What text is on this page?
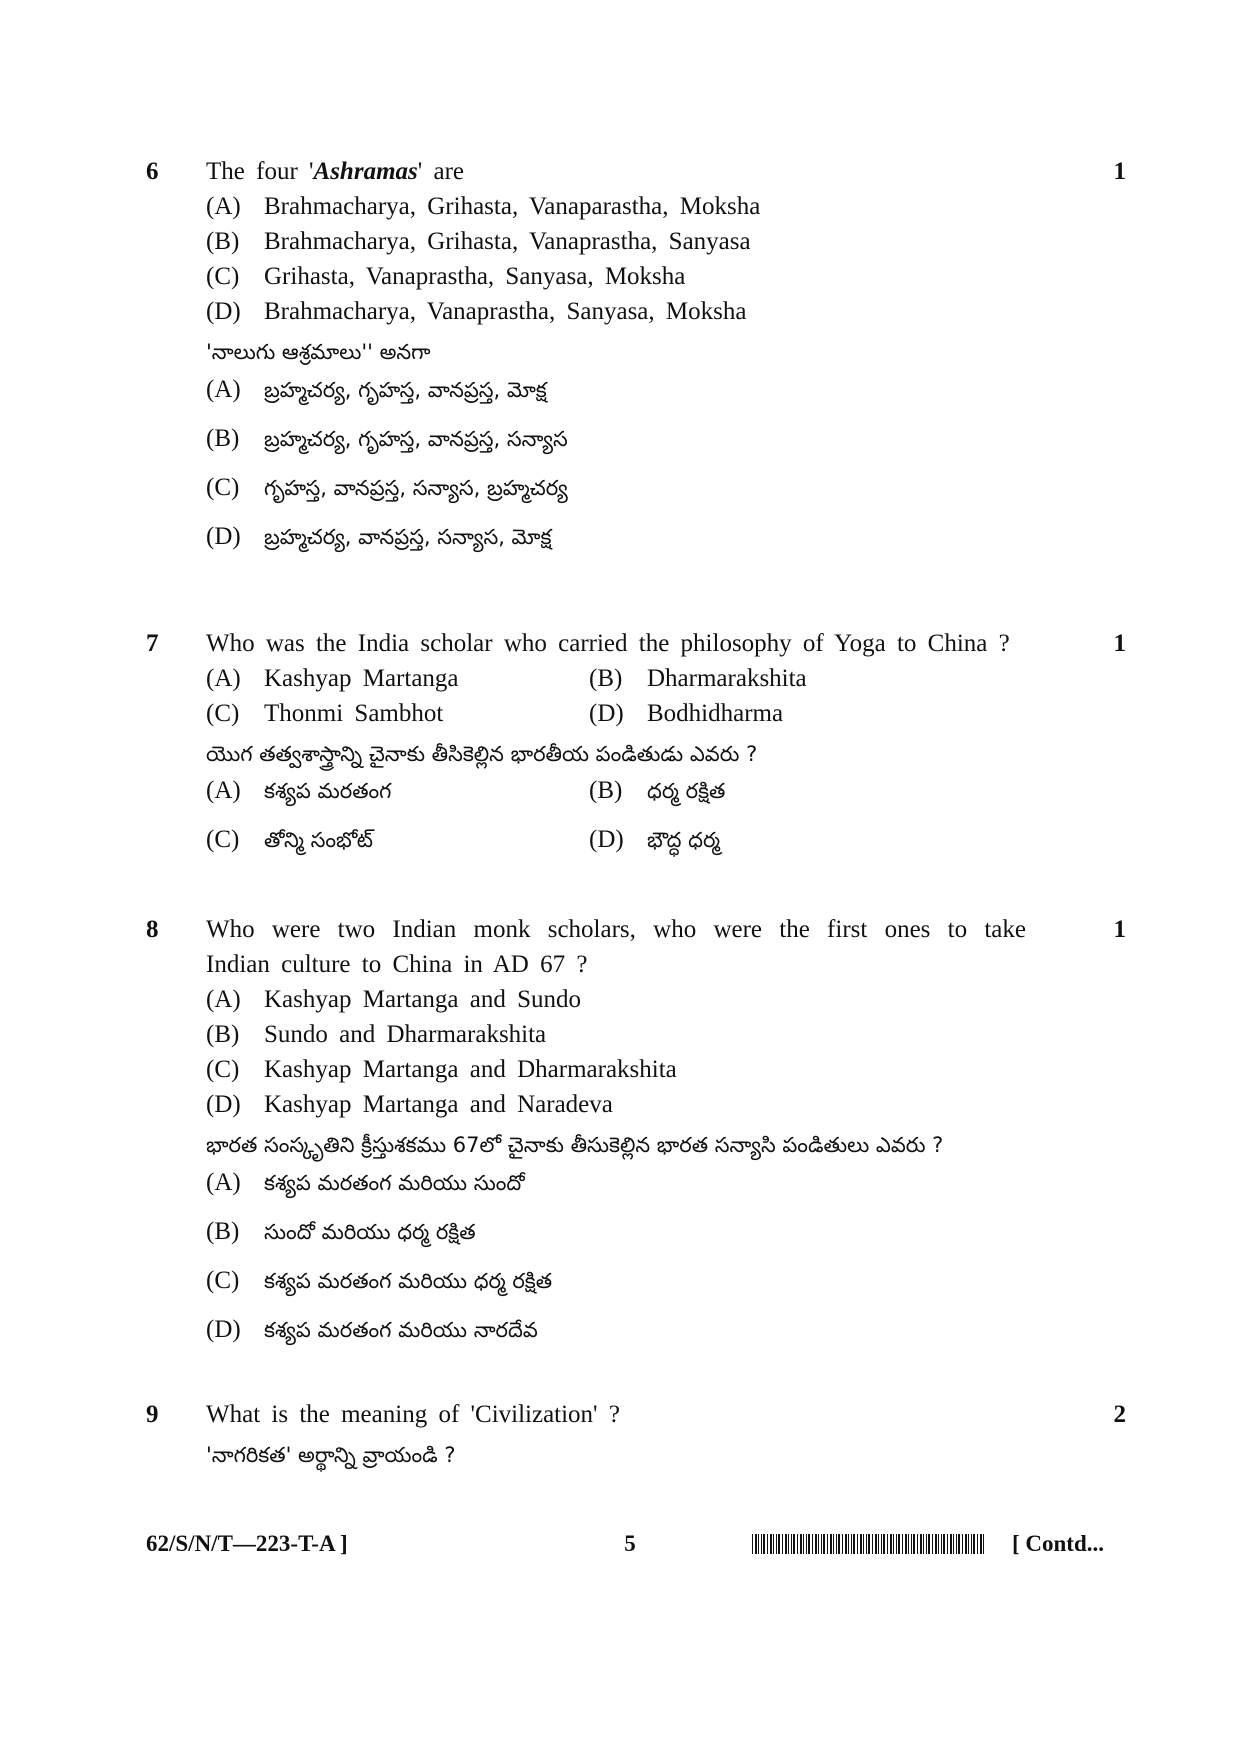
6	1
The four 'Ashramas' are
(A) Brahmacharya, Grihasta, Vanaparastha, Moksha
(B) Brahmacharya, Grihasta, Vanaprastha, Sanyasa
(C) Grihasta, Vanaprastha, Sanyasa, Moksha
(D) Brahmacharya, Vanaprastha, Sanyasa, Moksha
'నాలుగు ఆశ్రమాలు'' అనగా
(A)	బ్రహ్మచర్య, గృహస్త, వానప్రస్త, మోక్ష
(B)	బ్రహ్మచర్య, గృహస్త, వానప్రస్త, సన్యాస
(C)	గృహస్త, వానప్రస్త, సన్యాస, బ్రహ్మచర్య
(D)	బ్రహ్మచర్య, వానప్రస్త, సన్యాస, మోక్ష
7	1
Who was the India scholar who carried the philosophy of Yoga to China ?
(A) Kashyap Martanga	(B) Dharmarakshita
(C) Thonmi Sambhot	(D) Bodhidharma
యొగ తత్వశాస్త్రాన్ని చైనాకు తీసికెల్లిన భారతీయ పండితుడు ఎవరు ?
(A)	కశ్యప మరతంగ	(B)	ధర్మ రక్షిత
(C)	తోన్మి సంభోట్	(D)	భౌద్ధ ధర్మ
8	1
Who were two Indian monk scholars, who were the first ones to take Indian culture to China in AD 67 ?
(A) Kashyap Martanga and Sundo
(B) Sundo and Dharmarakshita
(C) Kashyap Martanga and Dharmarakshita
(D) Kashyap Martanga and Naradeva
భారత సంస్కృతిని క్రీస్తుశకము 67లో చైనాకు తీసుకెల్లిన భారత సన్యాసి పండితులు ఎవరు ?
(A)	కశ్యప మరతంగ మరియు సుందో
(B)	సుందో మరియు ధర్మ రక్షిత
(C)	కశ్యప మరతంగ మరియు ధర్మ రక్షిత
(D)	కశ్యప మరతంగ మరియు నారదేవ
9	2
What is the meaning of 'Civilization' ?
'నాగరికత' అర్థాన్ని వ్రాయండి ?
62/S/N/T—223-T-A ]	5	[ Contd...
